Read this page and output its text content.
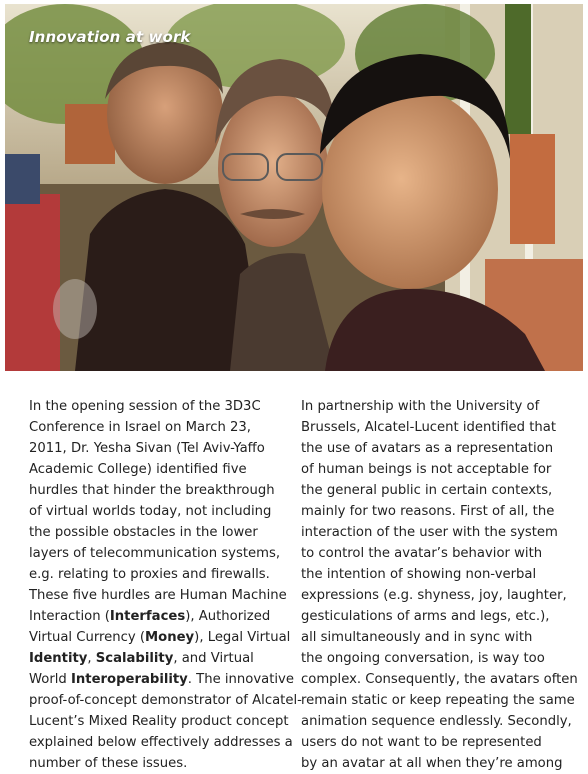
Innovation at work
In the opening session of the 3D3C
Conference in Israel on March 23,
2011, Dr. Yesha Sivan (Tel Aviv-Yaffo
Academic College) identified five
hurdles that hinder the breakthrough
of virtual worlds today, not including
the possible obstacles in the lower
layers of telecommunication systems,
e.g. relating to proxies and firewalls.
These five hurdles are Human Machine
Interaction (Interfaces), Authorized
Virtual Currency (Money), Legal Virtual
Identity, Scalability, and Virtual
World Interoperability. The innovative
proof-of-concept demonstrator of Alcatel-
Lucent’s Mixed Reality product concept
explained below effectively addresses a
number of these issues.
In partnership with the University of
Brussels, Alcatel-Lucent identified that
the use of avatars as a representation
of human beings is not acceptable for
the general public in certain contexts,
mainly for two reasons. First of all, the
interaction of the user with the system
to control the avatar’s behavior with
the intention of showing non-verbal
expressions (e.g. shyness, joy, laughter,
gesticulations of arms and legs, etc.),
all simultaneously and in sync with
the ongoing conversation, is way too
complex. Consequently, the avatars often
remain static or keep repeating the same
animation sequence endlessly. Secondly,
users do not want to be represented
by an avatar at all when they’re among
